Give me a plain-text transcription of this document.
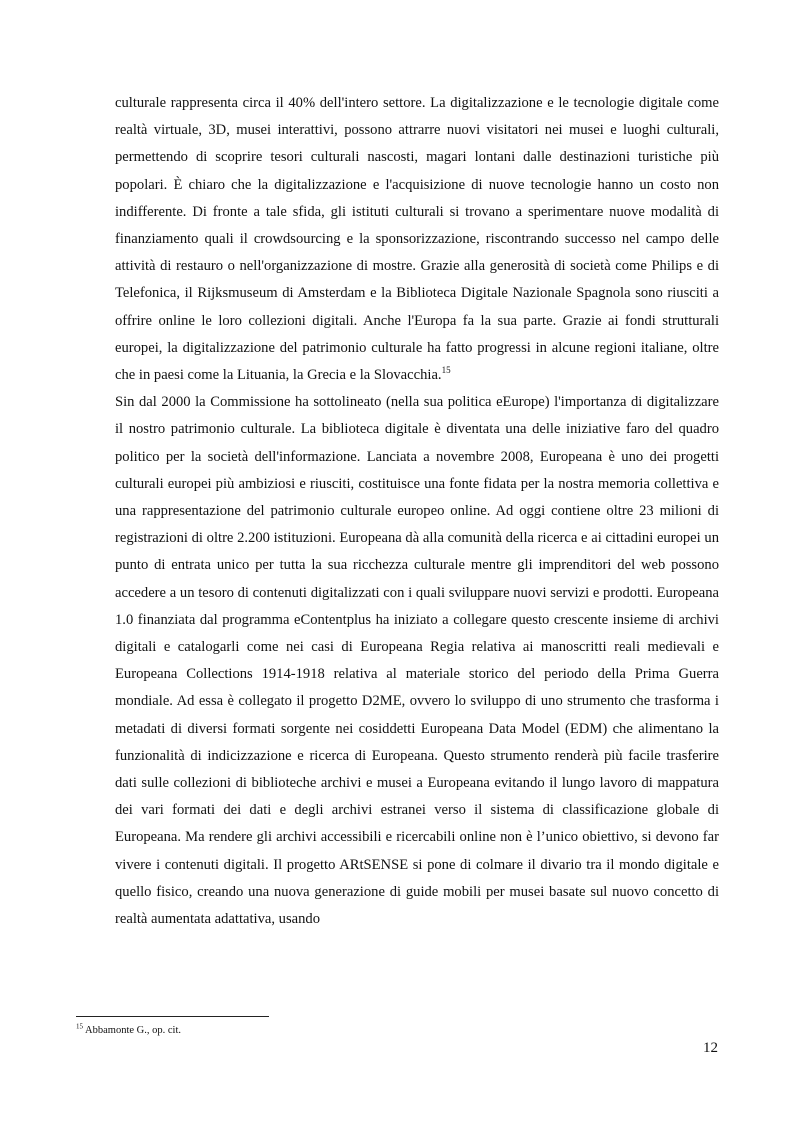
culturale rappresenta circa il 40% dell'intero settore. La digitalizzazione e le tecnologie digitale come realtà virtuale, 3D, musei interattivi, possono attrarre nuovi visitatori nei musei e luoghi culturali, permettendo di scoprire tesori culturali nascosti, magari lontani dalle destinazioni turistiche più popolari. È chiaro che la digitalizzazione e l'acquisizione di nuove tecnologie hanno un costo non indifferente. Di fronte a tale sfida, gli istituti culturali si trovano a sperimentare nuove modalità di finanziamento quali il crowdsourcing e la sponsorizzazione, riscontrando successo nel campo delle attività di restauro o nell'organizzazione di mostre. Grazie alla generosità di società come Philips e di Telefonica, il Rijksmuseum di Amsterdam e la Biblioteca Digitale Nazionale Spagnola sono riusciti a offrire online le loro collezioni digitali. Anche l'Europa fa la sua parte. Grazie ai fondi strutturali europei, la digitalizzazione del patrimonio culturale ha fatto progressi in alcune regioni italiane, oltre che in paesi come la Lituania, la Grecia e la Slovacchia.$^{15}$

Sin dal 2000 la Commissione ha sottolineato (nella sua politica eEurope) l'importanza di digitalizzare il nostro patrimonio culturale. La biblioteca digitale è diventata una delle iniziative faro del quadro politico per la società dell'informazione. Lanciata a novembre 2008, Europeana è uno dei progetti culturali europei più ambiziosi e riusciti, costituisce una fonte fidata per la nostra memoria collettiva e una rappresentazione del patrimonio culturale europeo online. Ad oggi contiene oltre 23 milioni di registrazioni di oltre 2.200 istituzioni. Europeana dà alla comunità della ricerca e ai cittadini europei un punto di entrata unico per tutta la sua ricchezza culturale mentre gli imprenditori del web possono accedere a un tesoro di contenuti digitalizzati con i quali sviluppare nuovi servizi e prodotti. Europeana 1.0 finanziata dal programma eContentplus ha iniziato a collegare questo crescente insieme di archivi digitali e catalogarli come nei casi di Europeana Regia relativa ai manoscritti reali medievali e Europeana Collections 1914-1918 relativa al materiale storico del periodo della Prima Guerra mondiale. Ad essa è collegato il progetto D2ME, ovvero lo sviluppo di uno strumento che trasforma i metadati di diversi formati sorgente nei cosiddetti Europeana Data Model (EDM) che alimentano la funzionalità di indicizzazione e ricerca di Europeana. Questo strumento renderà più facile trasferire dati sulle collezioni di biblioteche archivi e musei a Europeana evitando il lungo lavoro di mappatura dei vari formati dei dati e degli archivi estranei verso il sistema di classificazione globale di Europeana. Ma rendere gli archivi accessibili e ricercabili online non è l’unico obiettivo, si devono far vivere i contenuti digitali. Il progetto ARtSENSE si pone di colmare il divario tra il mondo digitale e quello fisico, creando una nuova generazione di guide mobili per musei basate sul nuovo concetto di realtà aumentata adattativa, usando

$^{15}$ Abbamonte G., op. cit.
12
